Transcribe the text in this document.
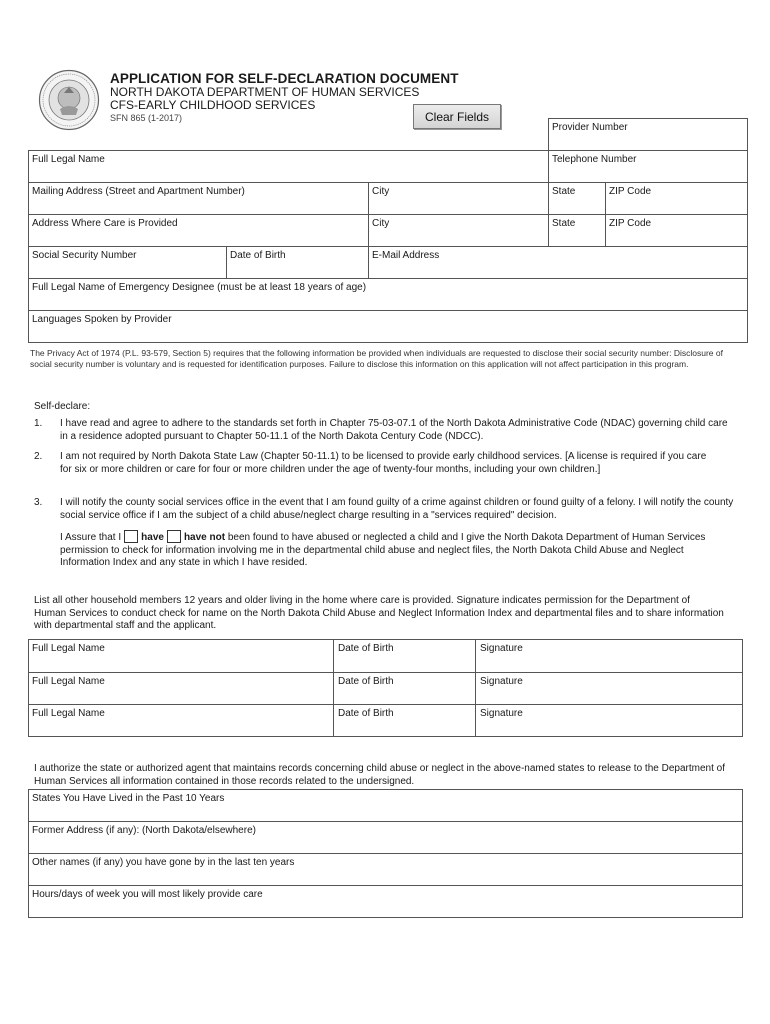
APPLICATION FOR SELF-DECLARATION DOCUMENT
NORTH DAKOTA DEPARTMENT OF HUMAN SERVICES
CFS-EARLY CHILDHOOD SERVICES
SFN 865 (1-2017)	Clear Fields
Provider Number
Full Legal Name	Telephone Number
Mailing Address (Street and Apartment Number)	City	State	ZIP Code
Address Where Care is Provided	City	State	ZIP Code
Social Security Number	Date of Birth	E-Mail Address
Full Legal Name of Emergency Designee (must be at least 18 years of age)
Languages Spoken by Provider
The Privacy Act of 1974 (P.L. 93-579, Section 5) requires that the following information be provided when individuals are requested to disclose their social security number: Disclosure of social security number is voluntary and is requested for identification purposes. Failure to disclose this information on this application will not affect participation in this program.
Self-declare:
1. I have read and agree to adhere to the standards set forth in Chapter 75-03-07.1 of the North Dakota Administrative Code (NDAC) governing child care in a residence adopted pursuant to Chapter 50-11.1 of the North Dakota Century Code (NDCC).
2. I am not required by North Dakota State Law (Chapter 50-11.1) to be licensed to provide early childhood services. [A license is required if you care for six or more children or care for four or more children under the age of twenty-four months, including your own children.]
3. I will notify the county social services office in the event that I am found guilty of a crime against children or found guilty of a felony. I will notify the county social service office if I am the subject of a child abuse/neglect charge resulting in a "services required" decision.
I Assure that I have have not been found to have abused or neglected a child and I give the North Dakota Department of Human Services permission to check for information involving me in the departmental child abuse and neglect files, the North Dakota Child Abuse and Neglect Information Index and any state in which I have resided.
List all other household members 12 years and older living in the home where care is provided. Signature indicates permission for the Department of Human Services to conduct check for name on the North Dakota Child Abuse and Neglect Information Index and departmental files and to share information with departmental staff and the applicant.
Full Legal Name	Date of Birth	Signature
Full Legal Name	Date of Birth	Signature
Full Legal Name	Date of Birth	Signature
I authorize the state or authorized agent that maintains records concerning child abuse or neglect in the above-named states to release to the Department of Human Services all information contained in those records related to the undersigned.
States You Have Lived in the Past 10 Years
Former Address (if any): (North Dakota/elsewhere)
Other names (if any) you have gone by in the last ten years
Hours/days of week you will most likely provide care
